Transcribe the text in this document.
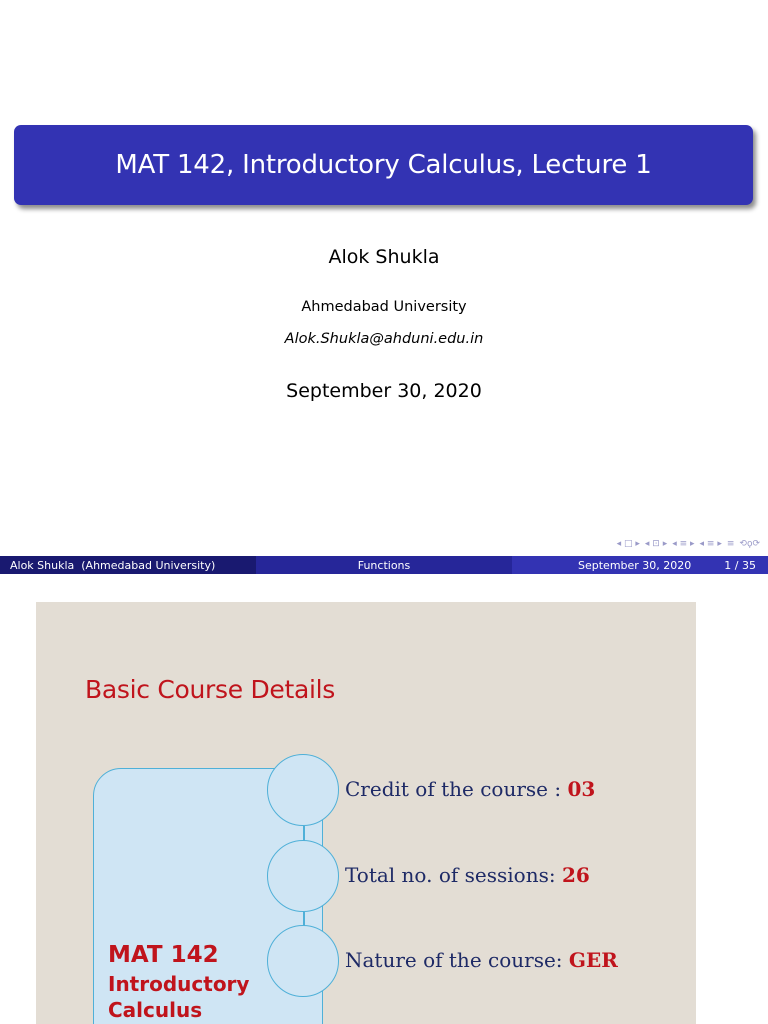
MAT 142, Introductory Calculus, Lecture 1
Alok Shukla
Ahmedabad University
Alok.Shukla@ahduni.edu.in
September 30, 2020
◂ □ ▸ ◂ ⊡ ▸ ◂ ≡ ▸ ◂ ≡ ▸ ≡ ⟲ϙ⟳
Alok Shukla  (Ahmedabad University)	Functions	September 30, 2020	1 / 35
Basic Course Details
MAT 142
Introductory
Calculus
Credit of the course : 03
Total no. of sessions: 26
Nature of the course: GER
